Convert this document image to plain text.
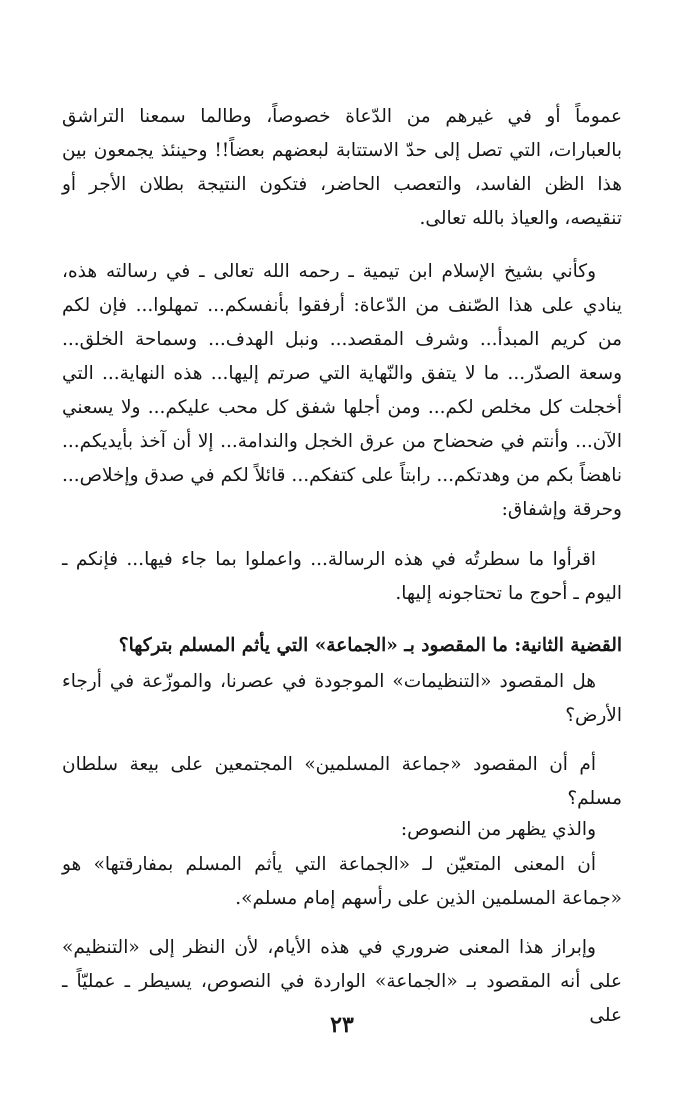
عموماً أو في غيرهم من الدّعاة خصوصاً، وطالما سمعنا التراشق بالعبارات، التي تصل إلى حدّ الاستتابة لبعضهم بعضاً!! وحينئذ يجمعون بين هذا الظن الفاسد، والتعصب الحاضر، فتكون النتيجة بطلان الأجر أو تنقيصه، والعياذ بالله تعالى.

وكأني بشيخ الإسلام ابن تيمية ـ رحمه الله تعالى ـ في رسالته هذه، ينادي على هذا الصّنف من الدّعاة: أرفقوا بأنفسكم... تمهلوا... فإن لكم من كريم المبدأ... وشرف المقصد... ونبل الهدف... وسماحة الخلق... وسعة الصدّر... ما لا يتفق والنّهاية التي صرتم إليها... هذه النهاية... التي أخجلت كل مخلص لكم... ومن أجلها شفق كل محب عليكم... ولا يسعني الآن... وأنتم في ضحضاح من عرق الخجل والندامة... إلا أن آخذ بأيديكم... ناهضاً بكم من وهدتكم... رابتاً على كتفكم... قائلاً لكم في صدق وإخلاص... وحرقة وإشفاق:

اقرأوا ما سطرتُه في هذه الرسالة... واعملوا بما جاء فيها... فإنكم ـ اليوم ـ أحوج ما تحتاجونه إليها.

القضية الثانية: ما المقصود بـ «الجماعة» التي يأثم المسلم بتركها؟

هل المقصود «التنظيمات» الموجودة في عصرنا، والموزّعة في أرجاء الأرض؟

أم أن المقصود «جماعة المسلمين» المجتمعين على بيعة سلطان مسلم؟

والذي يظهر من النصوص:

أن المعنى المتعيّن لـ «الجماعة التي يأثم المسلم بمفارقتها» هو «جماعة المسلمين الذين على رأسهم إمام مسلم».

وإبراز هذا المعنى ضروري في هذه الأيام، لأن النظر إلى «التنظيم» على أنه المقصود بـ «الجماعة» الواردة في النصوص، يسيطر ـ عمليّاً ـ على

٢٣
